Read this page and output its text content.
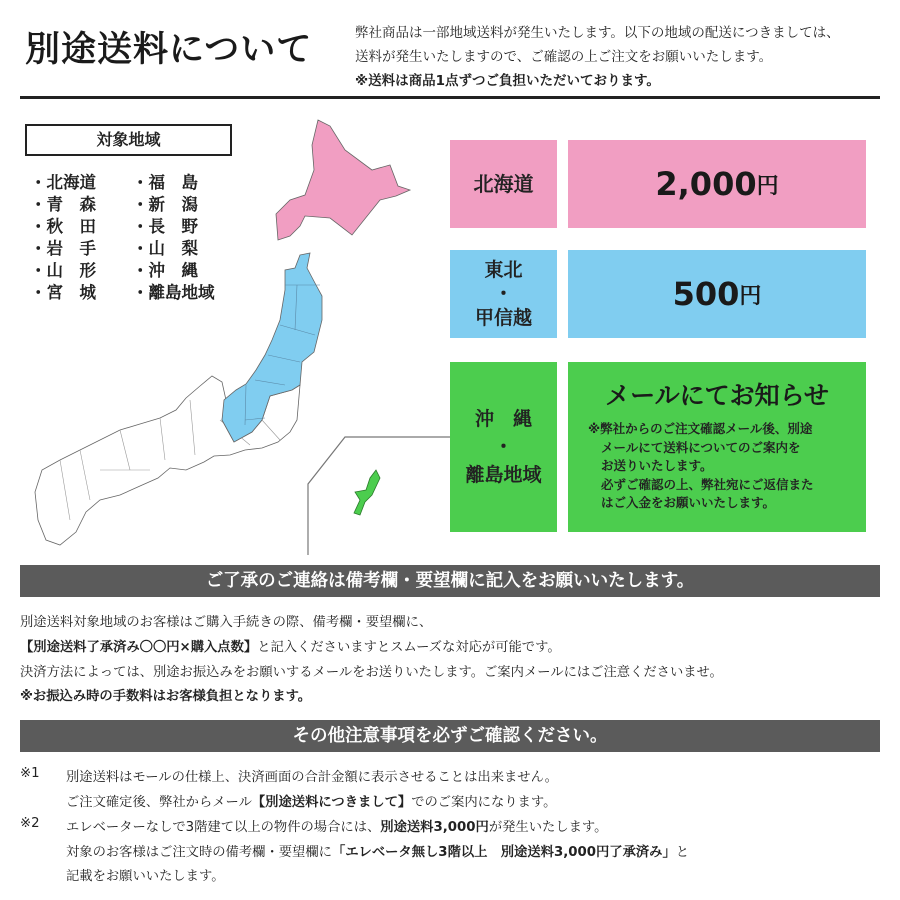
別途送料について	弊社商品は一部地域送料が発生いたします。以下の地域の配送につきましては、
送料が発生いたしますので、ご確認の上ご注文をお願いいたします。
※送料は商品1点ずつご負担いただいております。
対象地域
・北海道
・青　森
・秋　田
・岩　手
・山　形
・宮　城
・福　島
・新　潟
・長　野
・山　梨
・沖　縄
・離島地域
北海道	2,000 円
東北
・
甲信越
500 円
沖　縄
・
離島地域
メールにてお知らせ
※弊社からのご注文確認メール後、別途
メールにて送料についてのご案内を
お送りいたします。
必ずご確認の上、弊社宛にご返信また
はご入金をお願いいたします。
ご了承のご連絡は備考欄・要望欄に記入をお願いいたします。
別途送料対象地域のお客様はご購入手続きの際、備考欄・要望欄に、
【別途送料了承済み〇〇円×購入点数】と記入くださいますとスムーズな対応が可能です。
決済方法によっては、別途お振込みをお願いするメールをお送りいたします。ご案内メールにはご注意くださいませ。
※お振込み時の手数料はお客様負担となります。
その他注意事項を必ずご確認ください。
※1 別途送料はモールの仕様上、決済画面の合計金額に表示させることは出来ません。
ご注文確定後、弊社からメール【別途送料につきまして】でのご案内になります。
※2 エレベーターなしで3階建て以上の物件の場合には、別途送料3,000円が発生いたします。
対象のお客様はご注文時の備考欄・要望欄に「エレベータ無し3階以上　別途送料3,000円了承済み」と
記載をお願いいたします。
